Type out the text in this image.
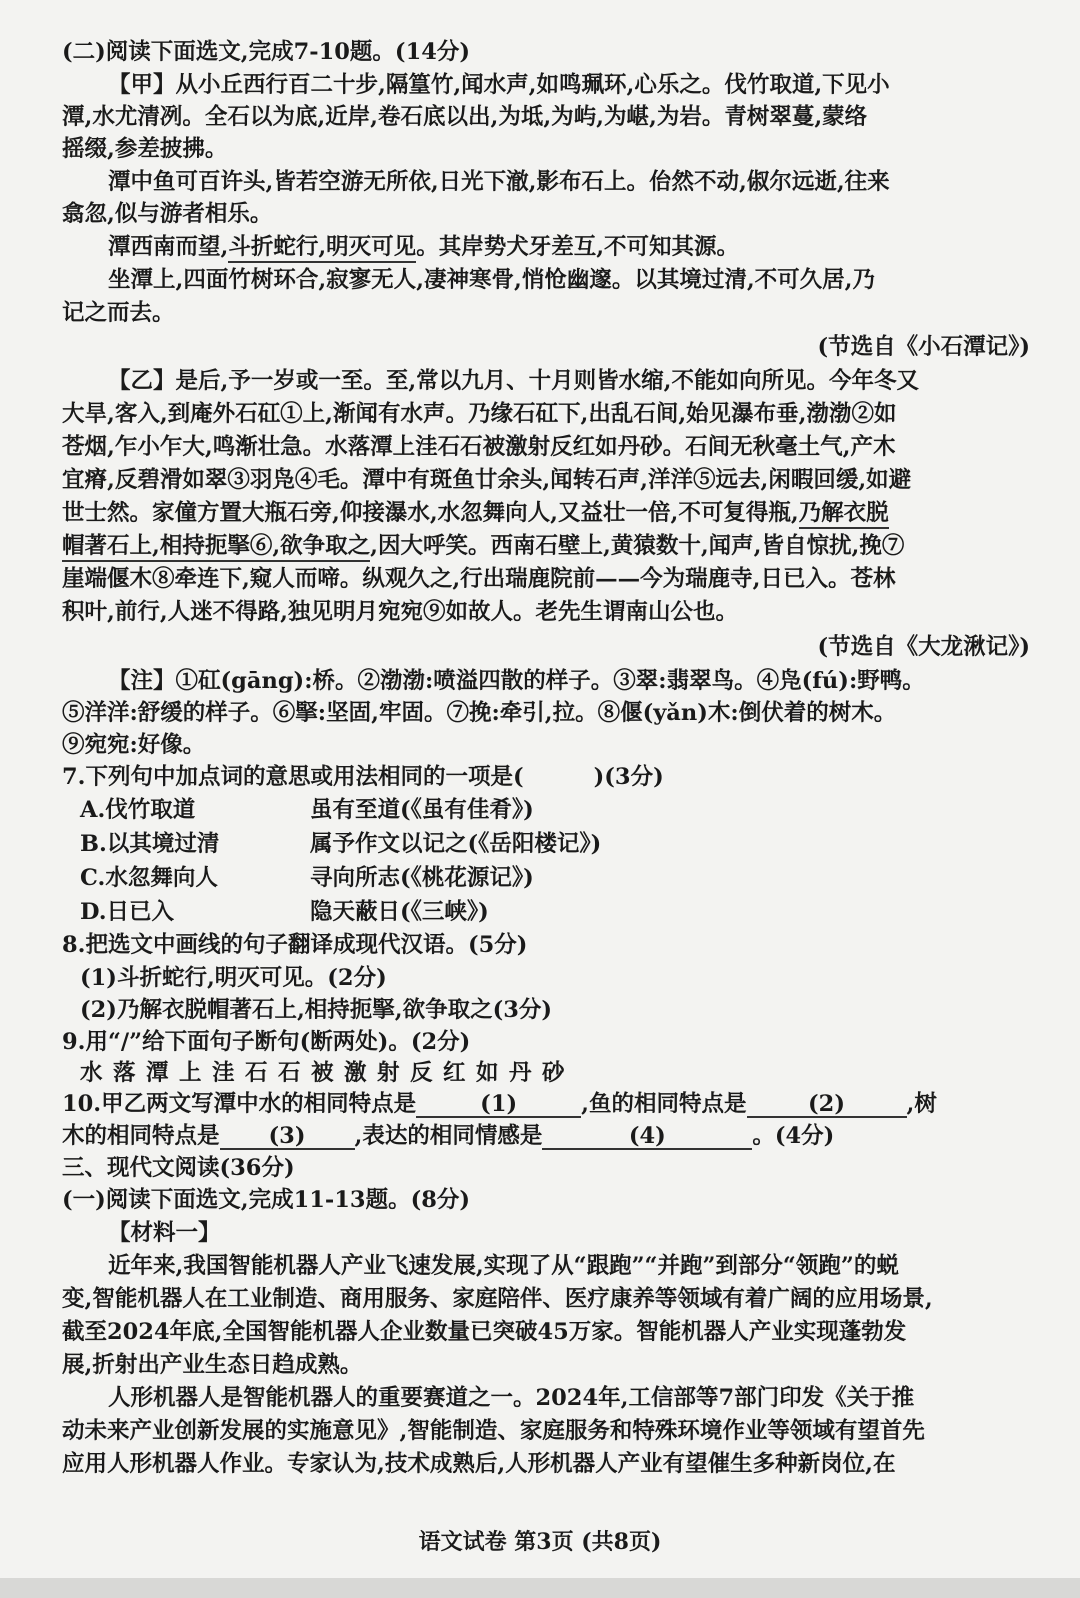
(二)阅读下面选文,完成7-10题。(14分)
【甲】从小丘西行百二十步,隔篁竹,闻水声,如鸣珮环,心乐之。伐竹取道,下见小
潭,水尤清冽。全石以为底,近岸,卷石底以出,为坻,为屿,为嵁,为岩。青树翠蔓,蒙络
摇缀,参差披拂。
潭中鱼可百许头,皆若空游无所依,日光下澈,影布石上。佁然不动,俶尔远逝,往来
翕忽,似与游者相乐。
潭西南而望,斗折蛇行,明灭可见。其岸势犬牙差互,不可知其源。
坐潭上,四面竹树环合,寂寥无人,凄神寒骨,悄怆幽邃。以其境过清,不可久居,乃
记之而去。
(节选自《小石潭记》)
【乙】是后,予一岁或一至。至,常以九月、十月则皆水缩,不能如向所见。今年冬又
大旱,客入,到庵外石矼①上,渐闻有水声。乃缘石矼下,出乱石间,始见瀑布垂,渤渤②如
苍烟,乍小乍大,鸣渐壮急。水落潭上洼石石被激射反红如丹砂。石间无秋毫土气,产木
宜瘠,反碧滑如翠③羽凫④毛。潭中有斑鱼廿余头,闻转石声,洋洋⑤远去,闲暇回缓,如避
世士然。家僮方置大瓶石旁,仰接瀑水,水忽舞向人,又益壮一倍,不可复得瓶,乃解衣脱
帽著石上,相持扼掔⑥,欲争取之,因大呼笑。西南石壁上,黄猿数十,闻声,皆自惊扰,挽⑦
崖端偃木⑧牵连下,窥人而啼。纵观久之,行出瑞鹿院前——今为瑞鹿寺,日已入。苍林
积叶,前行,人迷不得路,独见明月宛宛⑨如故人。老先生谓南山公也。
(节选自《大龙湫记》)
【注】①矼(gāng):桥。②渤渤:喷溢四散的样子。③翠:翡翠鸟。④凫(fú):野鸭。
⑤洋洋:舒缓的样子。⑥掔:坚固,牢固。⑦挽:牵引,拉。⑧偃(yǎn)木:倒伏着的树木。
⑨宛宛:好像。
7.下列句中加点词的意思或用法相同的一项是(	)(3分)
A.伐竹取道	虽有至道(《虽有佳肴》)
B.以其境过清	属予作文以记之(《岳阳楼记》)
C.水忽舞向人	寻向所志(《桃花源记》)
D.日已入	隐天蔽日(《三峡》)
8.把选文中画线的句子翻译成现代汉语。(5分)
(1)斗折蛇行,明灭可见。(2分)
(2)乃解衣脱帽著石上,相持扼掔,欲争取之(3分)
9.用“/”给下面句子断句(断两处)。(2分)
水落潭上洼石石被激射反红如丹砂
10.甲乙两文写潭中水的相同特点是	(1)	,鱼的相同特点是	(2)	,树
木的相同特点是 (3) ,表达的相同情感是	(4)	。(4分)
三、现代文阅读(36分)
(一)阅读下面选文,完成11-13题。(8分)
【材料一】
近年来,我国智能机器人产业飞速发展,实现了从“跟跑”“并跑”到部分“领跑”的蜕
变,智能机器人在工业制造、商用服务、家庭陪伴、医疗康养等领域有着广阔的应用场景,
截至2024年底,全国智能机器人企业数量已突破45万家。智能机器人产业实现蓬勃发
展,折射出产业生态日趋成熟。
人形机器人是智能机器人的重要赛道之一。2024年,工信部等7部门印发《关于推
动未来产业创新发展的实施意见》,智能制造、家庭服务和特殊环境作业等领域有望首先
应用人形机器人作业。专家认为,技术成熟后,人形机器人产业有望催生多种新岗位,在
语文试卷 第3页 (共8页)
